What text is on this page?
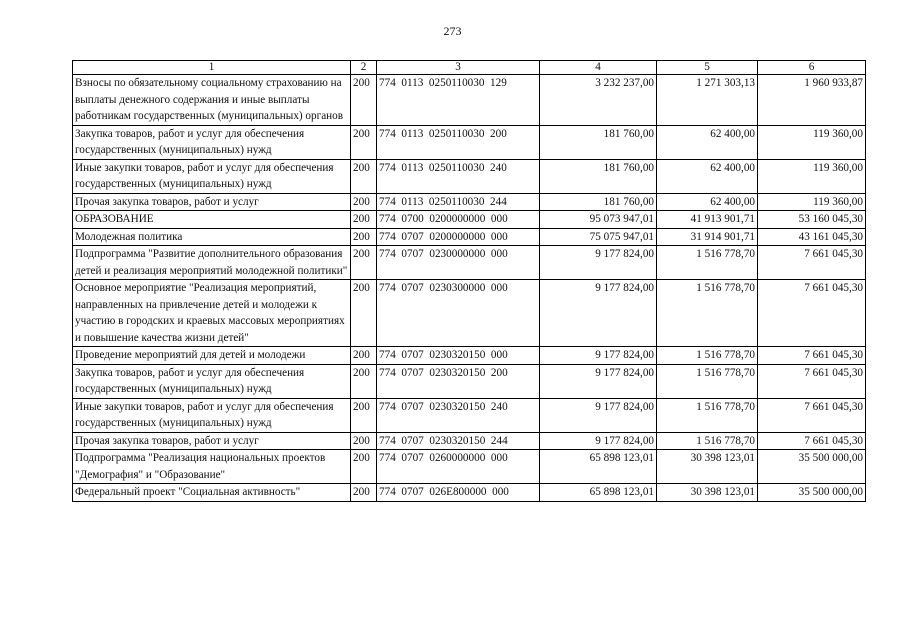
273
1	2	3	4	5	6
Взносы по обязательному социальному страхованию на выплаты денежного содержания и иные выплаты работникам государственных (муниципальных) органов	200	774  0113  0250110030  129	3 232 237,00	1 271 303,13	1 960 933,87
Закупка товаров, работ и услуг для обеспечения государственных (муниципальных) нужд	200	774  0113  0250110030  200	181 760,00	62 400,00	119 360,00
Иные закупки товаров, работ и услуг для обеспечения государственных (муниципальных) нужд	200	774  0113  0250110030  240	181 760,00	62 400,00	119 360,00
Прочая закупка товаров, работ и услуг	200	774  0113  0250110030  244	181 760,00	62 400,00	119 360,00
ОБРАЗОВАНИЕ	200	774  0700  0200000000  000	95 073 947,01	41 913 901,71	53 160 045,30
Молодежная политика	200	774  0707  0200000000  000	75 075 947,01	31 914 901,71	43 161 045,30
Подпрограмма "Развитие дополнительного образования детей и реализация мероприятий молодежной политики"	200	774  0707  0230000000  000	9 177 824,00	1 516 778,70	7 661 045,30
Основное мероприятие "Реализация мероприятий, направленных на привлечение детей и молодежи к участию в городских и краевых массовых мероприятиях и повышение качества жизни детей"	200	774  0707  0230300000  000	9 177 824,00	1 516 778,70	7 661 045,30
Проведение мероприятий для детей и молодежи	200	774  0707  0230320150  000	9 177 824,00	1 516 778,70	7 661 045,30
Закупка товаров, работ и услуг для обеспечения государственных (муниципальных) нужд	200	774  0707  0230320150  200	9 177 824,00	1 516 778,70	7 661 045,30
Иные закупки товаров, работ и услуг для обеспечения государственных (муниципальных) нужд	200	774  0707  0230320150  240	9 177 824,00	1 516 778,70	7 661 045,30
Прочая закупка товаров, работ и услуг	200	774  0707  0230320150  244	9 177 824,00	1 516 778,70	7 661 045,30
Подпрограмма "Реализация национальных проектов "Демография" и "Образование"	200	774  0707  0260000000  000	65 898 123,01	30 398 123,01	35 500 000,00
Федеральный проект "Социальная активность"	200	774  0707  026E800000  000	65 898 123,01	30 398 123,01	35 500 000,00
